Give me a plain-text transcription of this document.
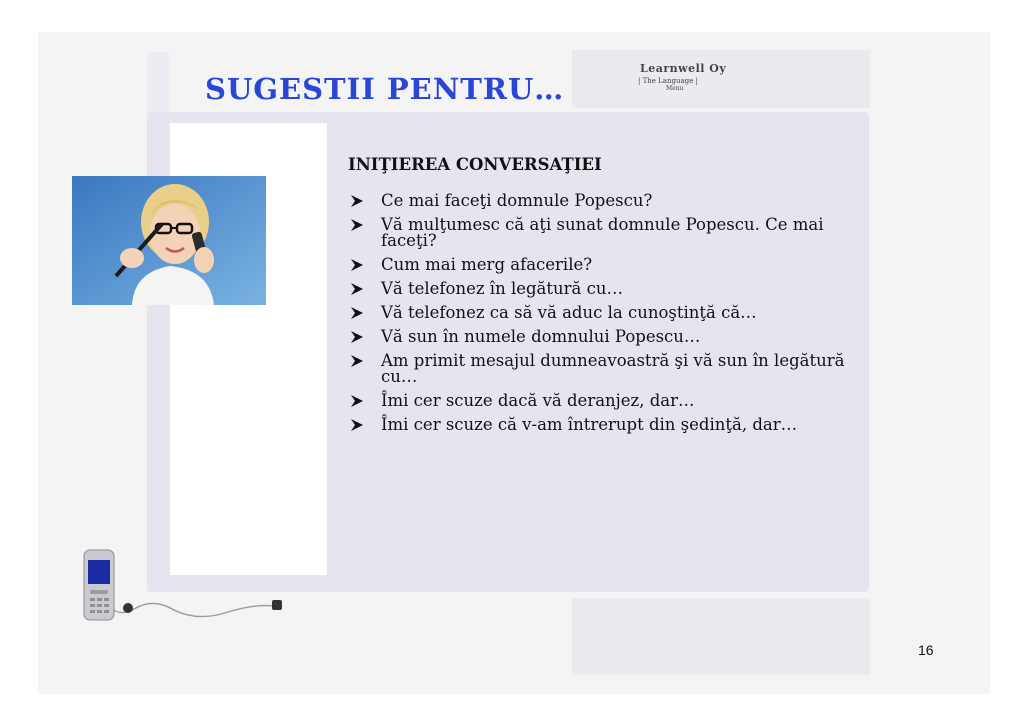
Learnwell Oy
| The Language |
Menu
SUGESTII PENTRU…
INIŢIEREA CONVERSAŢIEI
Ce mai faceţi domnule Popescu?
Vă mulţumesc că aţi sunat domnule Popescu. Ce mai faceţi?
Cum mai merg afacerile?
Vă telefonez în legătură cu…
Vă telefonez ca să vă aduc la cunoştinţă că…
Vă sun în numele domnului Popescu…
Am primit mesajul dumneavoastră şi vă sun în legătură cu…
Îmi cer scuze dacă vă deranjez, dar…
Îmi cer scuze că v-am întrerupt din şedinţă, dar…
16
